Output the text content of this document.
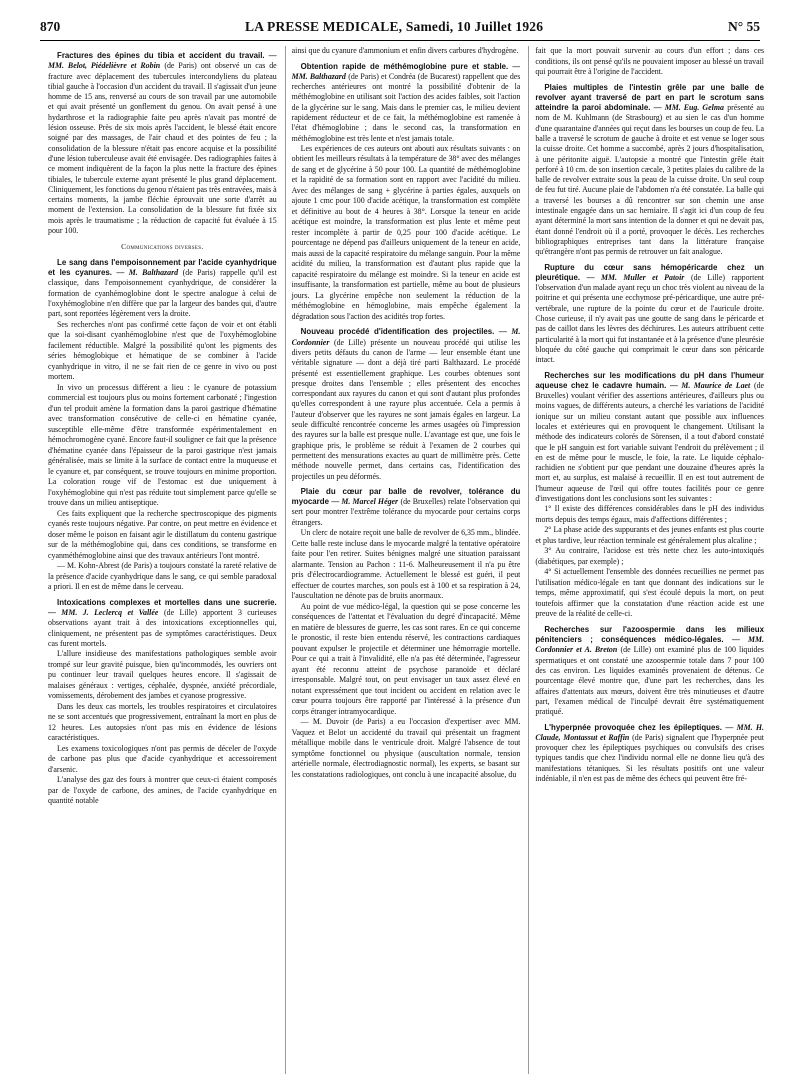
870	LA PRESSE MEDICALE, Samedi, 10 Juillet 1926	N° 55
Fractures des épines du tibia et accident du travail. — MM. Belot, Piédelièvre et Robin (de Paris) ont observé un cas de fracture avec déplacement des tubercules intercondyliens du plateau tibial gauche à l'occasion d'un accident du travail. Il s'agissait d'un jeune homme de 15 ans, renversé au cours de son travail par une automobile et qui avait présenté un gonflement du genou. On avait pensé à une hydarthrose et la radiographie faite peu après n'avait pas montré de lésion osseuse. Près de six mois après l'accident, le blessé était encore soigné par des massages, de l'air chaud et des pointes de feu ; la consolidation de la blessure n'était pas encore acquise et la possibilité d'une lésion tuberculeuse avait été envisagée. Des radiographies faites à ce moment indiquèrent de la façon la plus nette la fracture des épines tibiales, le tubercule externe ayant présenté le plus grand déplacement. Cliniquement, les fonctions du genou n'étaient pas très entravées, mais à certains moments, la jambe fléchie éprouvait une sorte d'arrêt au moment de l'extension. La consolidation de la blessure fut fixée six mois après le traumatisme ; la réduction de capacité fut évaluée à 15 pour 100.

Communications diverses.

Le sang dans l'empoisonnement par l'acide cyanhydrique et les cyanures. — M. Balthazard (de Paris) rappelle qu'il est classique, dans l'empoisonnement cyanhydrique, de considérer la formation de cyanhémoglobine dont le spectre analogue à celui de l'oxyhémoglobine n'en diffère que par la largeur des bandes qui, d'autre part, sont reportées légèrement vers la droite.

Ses recherches n'ont pas confirmé cette façon de voir et ont établi que la soi-disant cyanhémoglobine n'est que de l'oxyhémoglobine facilement réductible. Malgré la possibilité qu'ont les pigments des séries hémoglobique et hématique de se combiner à l'acide cyanhydrique in vitro, il ne se fait rien de ce genre in vivo ou post mortem.

In vivo un processus différent a lieu : le cyanure de potassium commercial est toujours plus ou moins fortement carbonaté ; l'ingestion d'un tel produit amène la formation dans la paroi gastrique d'hématine avec transformation consécutive de celle-ci en hématine cyanée, susceptible elle-même d'être transformée expérimentalement en hémochromogène cyané. Encore faut-il souligner ce fait que la présence d'hématine cyanée dans l'épaisseur de la paroi gastrique n'est jamais généralisée, mais se limite à la surface de contact entre la muqueuse et le cyanure et, par conséquent, se trouve toujours en minime proportion. La coloration rouge vif de l'estomac est due uniquement à l'oxyhémoglobine qui n'est pas réduite tout simplement parce qu'elle se trouve dans un milieu antiseptique.

Ces faits expliquent que la recherche spectroscopique des pigments cyanés reste toujours négative. Par contre, on peut mettre en évidence et doser même le poison en faisant agir le distillatum du contenu gastrique sur de la méthémoglobine qui, dans ces conditions, se transforme en cyanméthémoglobine ainsi que des travaux antérieurs l'ont montré.

— M. Kohn-Abrest (de Paris) a toujours constaté la rareté relative de la présence d'acide cyanhydrique dans le sang, ce qui semble paradoxal a priori. Il en est de même dans le cerveau.

Intoxications complexes et mortelles dans une sucrerie. — MM. J. Leclercq et Vallée (de Lille) apportent 3 curieuses observations ayant trait à des intoxications exceptionnelles qui, cliniquement, ne présentent pas de symptômes caractéristiques. Deux cas furent mortels.

L'allure insidieuse des manifestations pathologiques semble avoir trompé sur leur gravité puisque, bien qu'incommodés, les ouvriers ont pu continuer leur travail quelques heures encore. Il s'agissait de malaises généraux : vertiges, céphalée, dyspnée, anxiété précordiale, vomissements, dérobement des jambes et cyanose progressive.

Dans les deux cas mortels, les troubles respiratoires et circulatoires ne se sont accentués que progressivement, entraînant la mort en plus de 12 heures. Les autopsies n'ont pas mis en évidence de lésions caractéristiques.

Les examens toxicologiques n'ont pas permis de déceler de l'oxyde de carbone pas plus que d'acide cyanhydrique et accessoirement d'arsenic.

L'analyse des gaz des fours à montrer que ceux-ci étaient composés par de l'oxyde de carbone, des amines, de l'acide cyanhydrique en quantité notable

ainsi que du cyanure d'ammonium et enfin divers carbures d'hydrogène.

Obtention rapide de méthémoglobine pure et stable. — MM. Balthazard (de Paris) et Condréa (de Bucarest) rappellent que des recherches antérieures ont montré la possibilité d'obtenir de la méthémoglobine en utilisant soit l'action des acides faibles, soit l'action de la glycérine sur le sang. Mais dans le premier cas, le milieu devient rapidement réducteur et de ce fait, la méthémoglobine est ramenée à l'état d'hémoglobine ; dans le second cas, la transformation en méthémoglobine est très lente et n'est jamais totale.

Les expériences de ces auteurs ont abouti aux résultats suivants : on obtient les meilleurs résultats à la température de 38° avec des mélanges de sang et de glycérine à 50 pour 100. La quantité de méthémoglobine et la rapidité de sa formation sont en rapport avec l'acidité du milieu. Avec des mélanges de sang + glycérine à parties égales, auxquels on ajoute 1 cmc pour 100 d'acide acétique, la transformation est complète et définitive au bout de 4 heures à 38°. Lorsque la teneur en acide acétique est moindre, la transformation est plus lente et même peut rester incomplète à partir de 0,25 pour 100 d'acide acétique. Le pourcentage ne dépend pas d'ailleurs uniquement de la teneur en acide, mais aussi de la capacité respiratoire du mélange sanguin. Pour la même acidité du milieu, la transformation est d'autant plus rapide que la capacité respiratoire du mélange est moindre. Si la teneur en acide est insuffisante, la transformation est partielle, même au bout de plusieurs jours. La glycérine empêche non seulement la réduction de la méthémoglobine en hémoglobine, mais empêche également la dégradation sous l'action des acidités trop fortes.

Nouveau procédé d'identification des projectiles. — M. Cordonnier (de Lille) présente un nouveau procédé qui utilise les divers petits défauts du canon de l'arme — leur ensemble étant une véritable signature — dont a déjà tiré parti Balthazard. Le procédé présenté est essentiellement graphique. Les courbes obtenues sont presque droites dans l'ensemble ; elles présentent des encoches correspondant aux rayures du canon et qui sont d'autant plus profondes qu'elles correspondent à une rayure plus accentuée. Cela a permis à l'auteur d'observer que les rayures ne sont jamais égales en largeur. La seule difficulté rencontrée concerne les armes usagées où l'impression des rayures sur la balle est presque nulle. L'avantage est que, une fois le graphique pris, le problème se réduit à l'examen de 2 courbes qui permettent des mensurations exactes au quart de millimètre près. Cette méthode nouvelle permet, dans certains cas, l'identification des projectiles un peu déformés.
Plaie du cœur par balle de revolver, tolérance du myocarde — M. Marcel Héger (de Bruxelles) relate l'observation qui sert pour montrer l'extrême tolérance du myocarde pour certains corps étrangers.

Un clerc de notaire reçoit une balle de revolver de 6,35 mm., blindée. Cette balle reste incluse dans le myocarde malgré la tentative opératoire faite pour l'en retirer. Suites bénignes malgré une situation paraissant alarmante. Tension au Pachon : 11-6. Malheureusement il n'a pu être pris d'électrocardiogramme. Actuellement le blessé est guéri, il peut effectuer de courtes marches, son pouls est à 100 et sa respiration à 24, l'auscultation ne dénote pas de bruits anormaux.

Au point de vue médico-légal, la question qui se pose concerne les conséquences de l'attentat et l'évaluation du degré d'incapacité. Même en matière de blessures de guerre, les cas sont rares. En ce qui concerne le pronostic, il reste bien entendu réservé, les contractions cardiaques pouvant expulser le projectile et déterminer une hémorragie mortelle. Pour ce qui a trait à l'invalidité, elle n'a pas été déterminée, l'agresseur ayant été reconnu atteint de psychose paranoïde et déclaré irresponsable. Malgré tout, on peut envisager un taux assez élevé en notant expressément que tout incident ou accident en relation avec le cœur pourra toujours être rapporté par l'intéressé à la présence d'un corps étranger intramyocardique.

— M. Duvoir (de Paris) a eu l'occasion d'expertiser avec MM. Vaquez et Belot un accidenté du travail qui présentait un fragment métallique mobile dans le ventricule droit. Malgré l'absence de tout symptôme fonctionnel ou physique (auscultation normale, tension artérielle normale, électrodiagnostic normal), les experts, se basant sur les constatations radiologiques, ont conclu à une incapacité absolue, du

fait que la mort pouvait survenir au cours d'un effort ; dans ces conditions, ils ont pensé qu'ils ne pouvaient imposer au blessé un travail qui pourrait être à l'origine de l'accident.

Plaies multiples de l'intestin grêle par une balle de revolver ayant traversé de part en part le scrotum sans atteindre la paroi abdominale. — MM. Eug. Gelma présenté au nom de M. Kuhlmann (de Strasbourg) et au sien le cas d'un homme d'une quarantaine d'années qui reçut dans les bourses un coup de feu. La balle a traversé le scrotum de gauche à droite et est venue se loger sous la cuisse droite. Cet homme a succombé, après 2 jours d'hospitalisation, à une péritonite aiguë. L'autopsie a montré que l'intestin grêle était perforé à 10 cm. de son insertion cæcale, 3 petites plaies du calibre de la balle de revolver extraite sous la peau de la cuisse droite. Un seul coup de feu fut tiré. Aucune plaie de l'abdomen n'a été constatée. La balle qui a traversé les bourses a dû rencontrer sur son chemin une anse intestinale engagée dans un sac herniaire. Il s'agit ici d'un coup de feu ayant déterminé la mort sans intention de la donner et qui ne devait pas, étant donné l'endroit où il a porté, provoquer le décès. Les recherches bibliographiques entreprises tant dans la littérature française qu'étrangère n'ont pas permis de retrouver un fait analogue.
Rupture du cœur sans hémopéricarde chez un pleurétique. — MM. Muller et Patoir (de Lille) rapportent l'observation d'un malade ayant reçu un choc très violent au niveau de la poitrine et qui présenta une ecchymose pré-péricardique, une autre pré-vertébrale, une rupture de la pointe du cœur et de l'auricule droite. Chose curieuse, il n'y avait pas une goutte de sang dans le péricarde et pas de caillot dans les lèvres des déchirures. Les auteurs attribuent cette particularité à la mort qui fut instantanée et à la présence d'une pleurésie bloquée du côté gauche qui comprimait le cœur dans son péricarde intact.
Recherches sur les modifications du pH dans l'humeur aqueuse chez le cadavre humain. — M. Maurice de Laet (de Bruxelles) voulant vérifier des assertions antérieures, d'ailleurs plus ou moins vagues, de différents auteurs, a cherché les variations de l'acidité ionique sur un milieu constant autant que possible aux influences locales et extérieures qui en provoquent le changement. Utilisant la méthode des indicateurs colorés de Sörensen, il a tout d'abord constaté que le pH sanguin est fort variable suivant l'endroit du prélèvement ; il en est de même pour le muscle, le foie, la rate. Le liquide céphalo-rachidien ne s'obtient pur que pendant une douzaine d'heures après la mort et, au surplus, est malaisé à recueillir. Il en est tout autrement de l'humeur aqueuse de l'œil qui offre toutes facilités pour ce genre d'investigations dont les conclusions sont les suivantes :

1° Il existe des différences considérables dans le pH des individus morts depuis des temps égaux, mais d'affections différentes ;

2° La phase acide des suppurants et des jeunes enfants est plus courte et plus tardive, leur réaction terminale est généralement plus alcaline ;

3° Au contraire, l'acidose est très nette chez les auto-intoxiqués (diabétiques, par exemple) ;

4° Si actuellement l'ensemble des données recueillies ne permet pas l'utilisation médico-légale en tant que donnant des indications sur le temps, même approximatif, qui s'est écoulé depuis la mort, on peut toutefois affirmer que la constatation d'une réaction acide est une preuve de la réalité de celle-ci.

Recherches sur l'azoospermie dans les milieux pénitenciers ; conséquences médico-légales. — MM. Cordonnier et A. Breton (de Lille) ont examiné plus de 100 liquides spermatiques et ont constaté une azoospermie totale dans 7 pour 100 des cas environ. Les liquides examinés provenaient de détenus. Ce pourcentage élevé montre que, d'une part les recherches, dans les affaires d'attentats aux mœurs, doivent être très minutieuses et d'autre part, l'examen médical de l'inculpé devrait être systématiquement pratiqué.
L'hyperpnée provoquée chez les épileptiques. — MM. H. Claude, Montassut et Raffin (de Paris) signalent que l'hyperpnée peut provoquer chez les épileptiques psychiques ou convulsifs des crises typiques tandis que chez l'individu normal elle ne donne lieu qu'à des manifestations tétaniques. Si les résultats positifs ont une valeur indéniable, il n'en est pas de même des échecs qui peuvent être fré-
